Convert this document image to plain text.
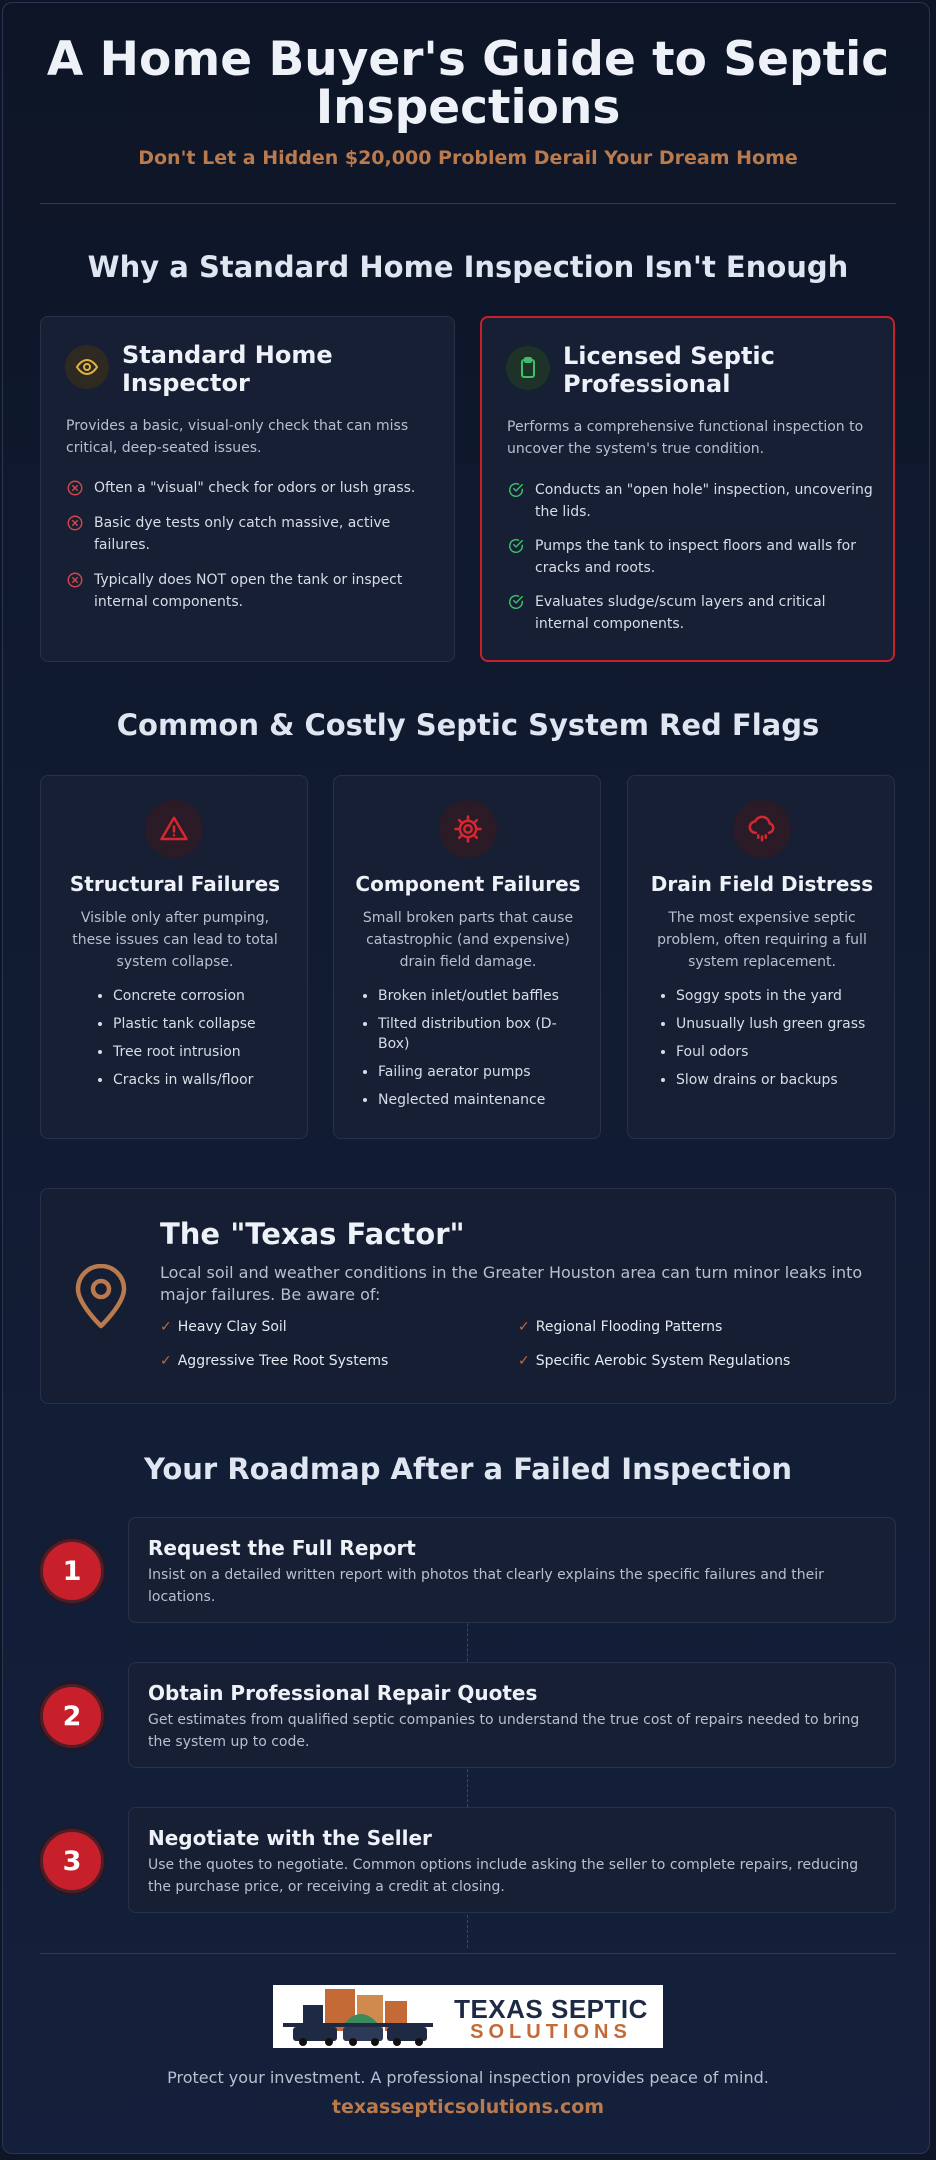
A Home Buyer's Guide to Septic Inspections
Don't Let a Hidden $20,000 Problem Derail Your Dream Home
Why a Standard Home Inspection Isn't Enough
Standard Home Inspector
Provides a basic, visual-only check that can miss critical, deep-seated issues.
Often a "visual" check for odors or lush grass.
Basic dye tests only catch massive, active failures.
Typically does NOT open the tank or inspect internal components.
Licensed Septic Professional
Performs a comprehensive functional inspection to uncover the system's true condition.
Conducts an "open hole" inspection, uncovering the lids.
Pumps the tank to inspect floors and walls for cracks and roots.
Evaluates sludge/scum layers and critical internal components.
Common & Costly Septic System Red Flags
Structural Failures
Visible only after pumping, these issues can lead to total system collapse.
• Concrete corrosion
• Plastic tank collapse
• Tree root intrusion
• Cracks in walls/floor
Component Failures
Small broken parts that cause catastrophic (and expensive) drain field damage.
• Broken inlet/outlet baffles
• Tilted distribution box (D-Box)
• Failing aerator pumps
• Neglected maintenance
Drain Field Distress
The most expensive septic problem, often requiring a full system replacement.
• Soggy spots in the yard
• Unusually lush green grass
• Foul odors
• Slow drains or backups
The "Texas Factor"
Local soil and weather conditions in the Greater Houston area can turn minor leaks into major failures. Be aware of:
✓ Heavy Clay Soil	✓ Regional Flooding Patterns
✓ Aggressive Tree Root Systems	✓ Specific Aerobic System Regulations
Your Roadmap After a Failed Inspection
1
Request the Full Report
Insist on a detailed written report with photos that clearly explains the specific failures and their locations.
2
Obtain Professional Repair Quotes
Get estimates from qualified septic companies to understand the true cost of repairs needed to bring the system up to code.
3
Negotiate with the Seller
Use the quotes to negotiate. Common options include asking the seller to complete repairs, reducing the purchase price, or receiving a credit at closing.
TEXAS SEPTIC
SOLUTIONS
Protect your investment. A professional inspection provides peace of mind.
texassepticsolutions.com
